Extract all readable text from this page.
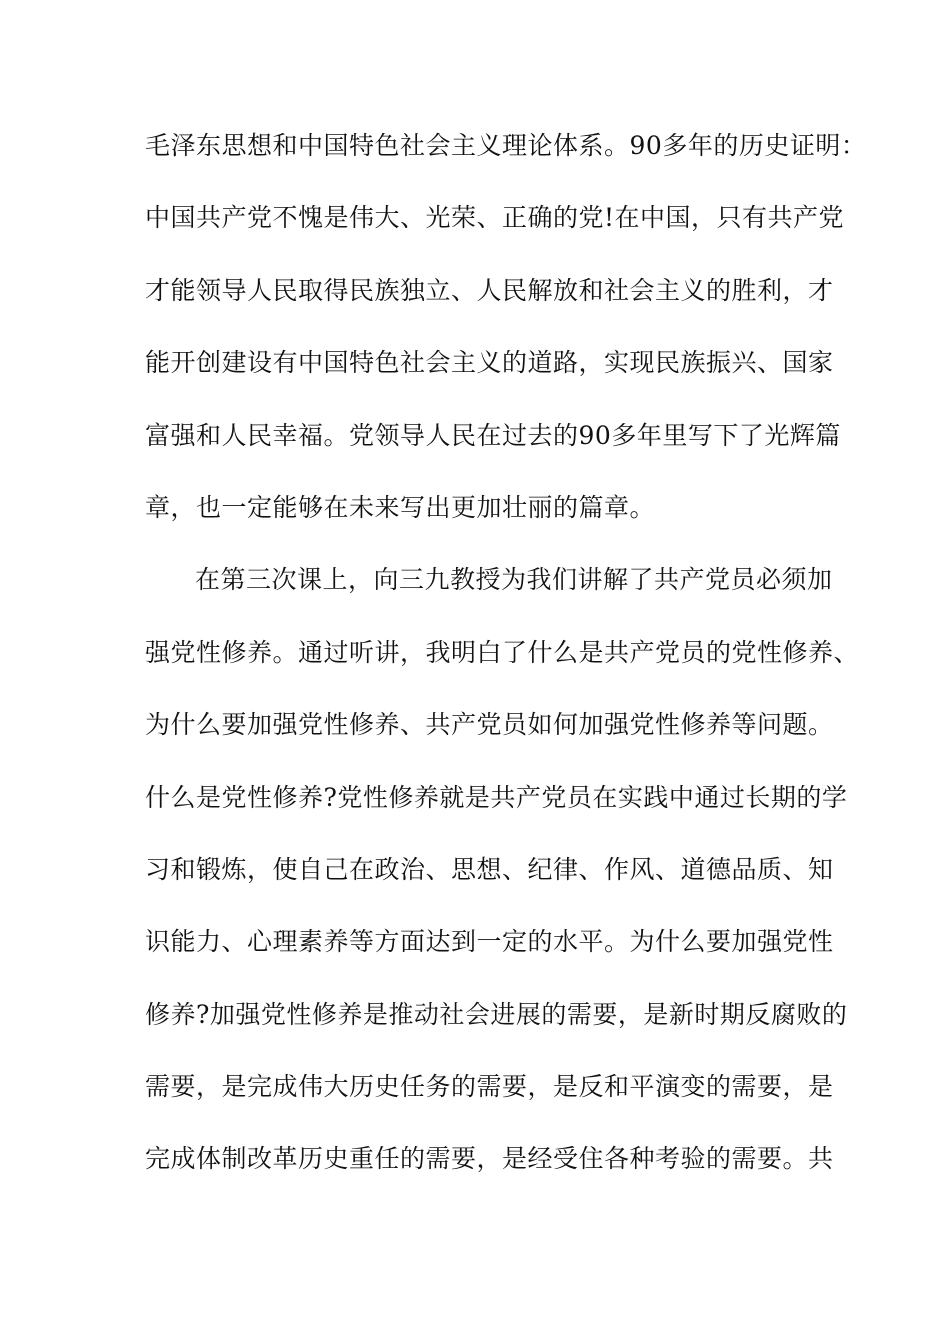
毛泽东思想和中国特色社会主义理论体系。90多年的历史证明：
中国共产党不愧是伟大、光荣、正确的党!在中国，只有共产党
才能领导人民取得民族独立、人民解放和社会主义的胜利，才
能开创建设有中国特色社会主义的道路，实现民族振兴、国家
富强和人民幸福。党领导人民在过去的90多年里写下了光辉篇
章，也一定能够在未来写出更加壮丽的篇章。
在第三次课上，向三九教授为我们讲解了共产党员必须加
强党性修养。通过听讲，我明白了什么是共产党员的党性修养、
为什么要加强党性修养、共产党员如何加强党性修养等问题。
什么是党性修养?党性修养就是共产党员在实践中通过长期的学
习和锻炼，使自己在政治、思想、纪律、作风、道德品质、知
识能力、心理素养等方面达到一定的水平。为什么要加强党性
修养?加强党性修养是推动社会进展的需要，是新时期反腐败的
需要，是完成伟大历史任务的需要，是反和平演变的需要，是
完成体制改革历史重任的需要，是经受住各种考验的需要。共
